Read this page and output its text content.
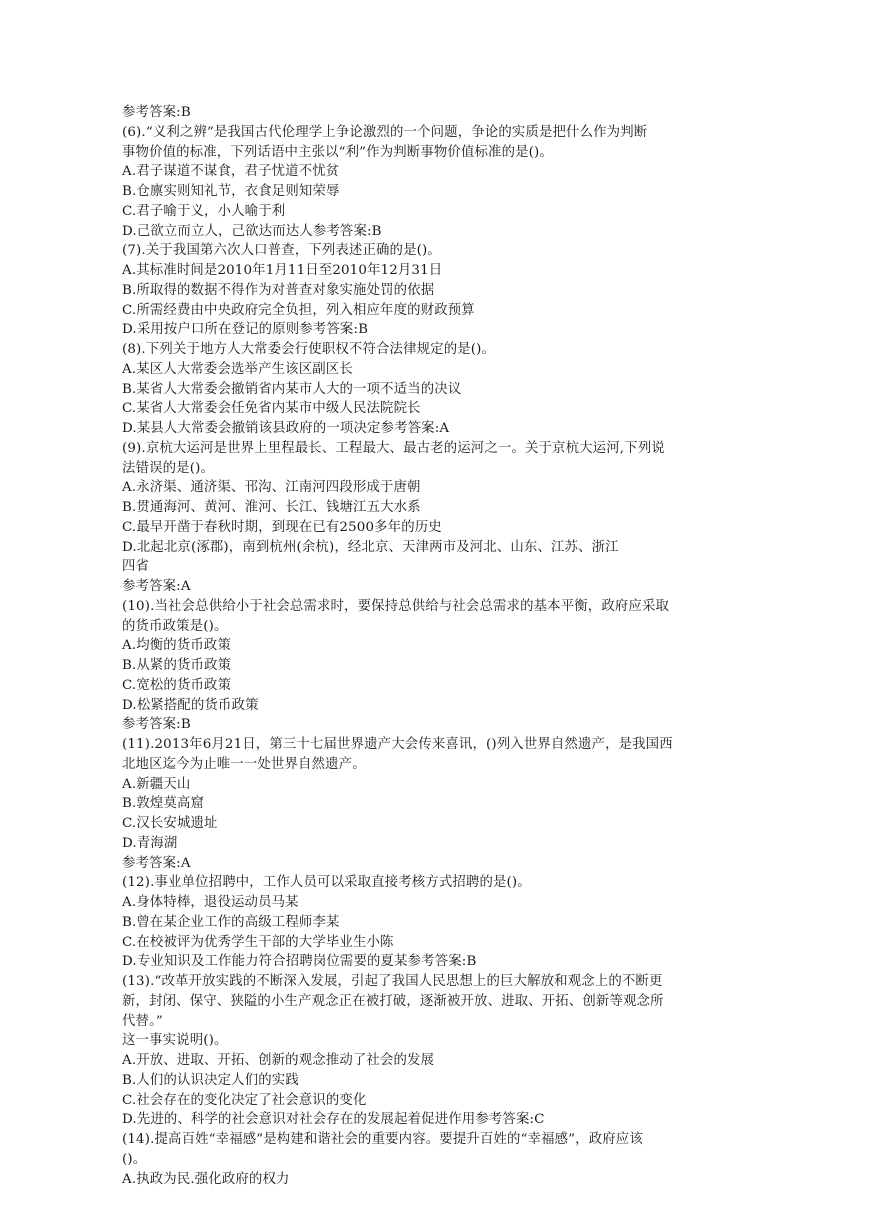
参考答案:B
(6).“义利之辨”是我国古代伦理学上争论激烈的一个问题，争论的实质是把什么作为判断
事物价值的标准，下列话语中主张以“利”作为判断事物价值标准的是()。
A.君子谋道不谋食，君子忧道不忧贫
B.仓廪实则知礼节，衣食足则知荣辱
C.君子喻于义，小人喻于利
D.己欲立而立人，己欲达而达人参考答案:B
(7).关于我国第六次人口普查，下列表述正确的是()。
A.其标准时间是2010年1月11日至2010年12月31日
B.所取得的数据不得作为对普查对象实施处罚的依据
C.所需经费由中央政府完全负担，列入相应年度的财政预算
D.采用按户口所在登记的原则参考答案:B
(8).下列关于地方人大常委会行使职权不符合法律规定的是()。
A.某区人大常委会选举产生该区副区长
B.某省人大常委会撤销省内某市人大的一项不适当的决议
C.某省人大常委会任免省内某市中级人民法院院长
D.某县人大常委会撤销该县政府的一项决定参考答案:A
(9).京杭大运河是世界上里程最长、工程最大、最古老的运河之一。关于京杭大运河,下列说
法错误的是()。
A.永济渠、通济渠、邗沟、江南河四段形成于唐朝
B.贯通海河、黄河、淮河、长江、钱塘江五大水系
C.最早开凿于春秋时期，到现在已有2500多年的历史
D.北起北京(涿郡)，南到杭州(余杭)，经北京、天津两市及河北、山东、江苏、浙江
四省
参考答案:A
(10).当社会总供给小于社会总需求时，要保持总供给与社会总需求的基本平衡，政府应采取
的货币政策是()。
A.均衡的货币政策
B.从紧的货币政策
C.宽松的货币政策
D.松紧搭配的货币政策
参考答案:B
(11).2013年6月21日，第三十七届世界遗产大会传来喜讯，()列入世界自然遗产，是我国西
北地区迄今为止唯一一处世界自然遗产。
A.新疆天山
B.敦煌莫高窟
C.汉长安城遗址
D.青海湖
参考答案:A
(12).事业单位招聘中，工作人员可以采取直接考核方式招聘的是()。
A.身体特棒，退役运动员马某
B.曾在某企业工作的高级工程师李某
C.在校被评为优秀学生干部的大学毕业生小陈
D.专业知识及工作能力符合招聘岗位需要的夏某参考答案:B
(13).“改革开放实践的不断深入发展，引起了我国人民思想上的巨大解放和观念上的不断更
新，封闭、保守、狭隘的小生产观念正在被打破，逐渐被开放、进取、开拓、创新等观念所
代替。”
这一事实说明()。
A.开放、进取、开拓、创新的观念推动了社会的发展
B.人们的认识决定人们的实践
C.社会存在的变化决定了社会意识的变化
D.先进的、科学的社会意识对社会存在的发展起着促进作用参考答案:C
(14).提高百姓“幸福感”是构建和谐社会的重要内容。要提升百姓的“幸福感”，政府应该
()。
A.执政为民.强化政府的权力
